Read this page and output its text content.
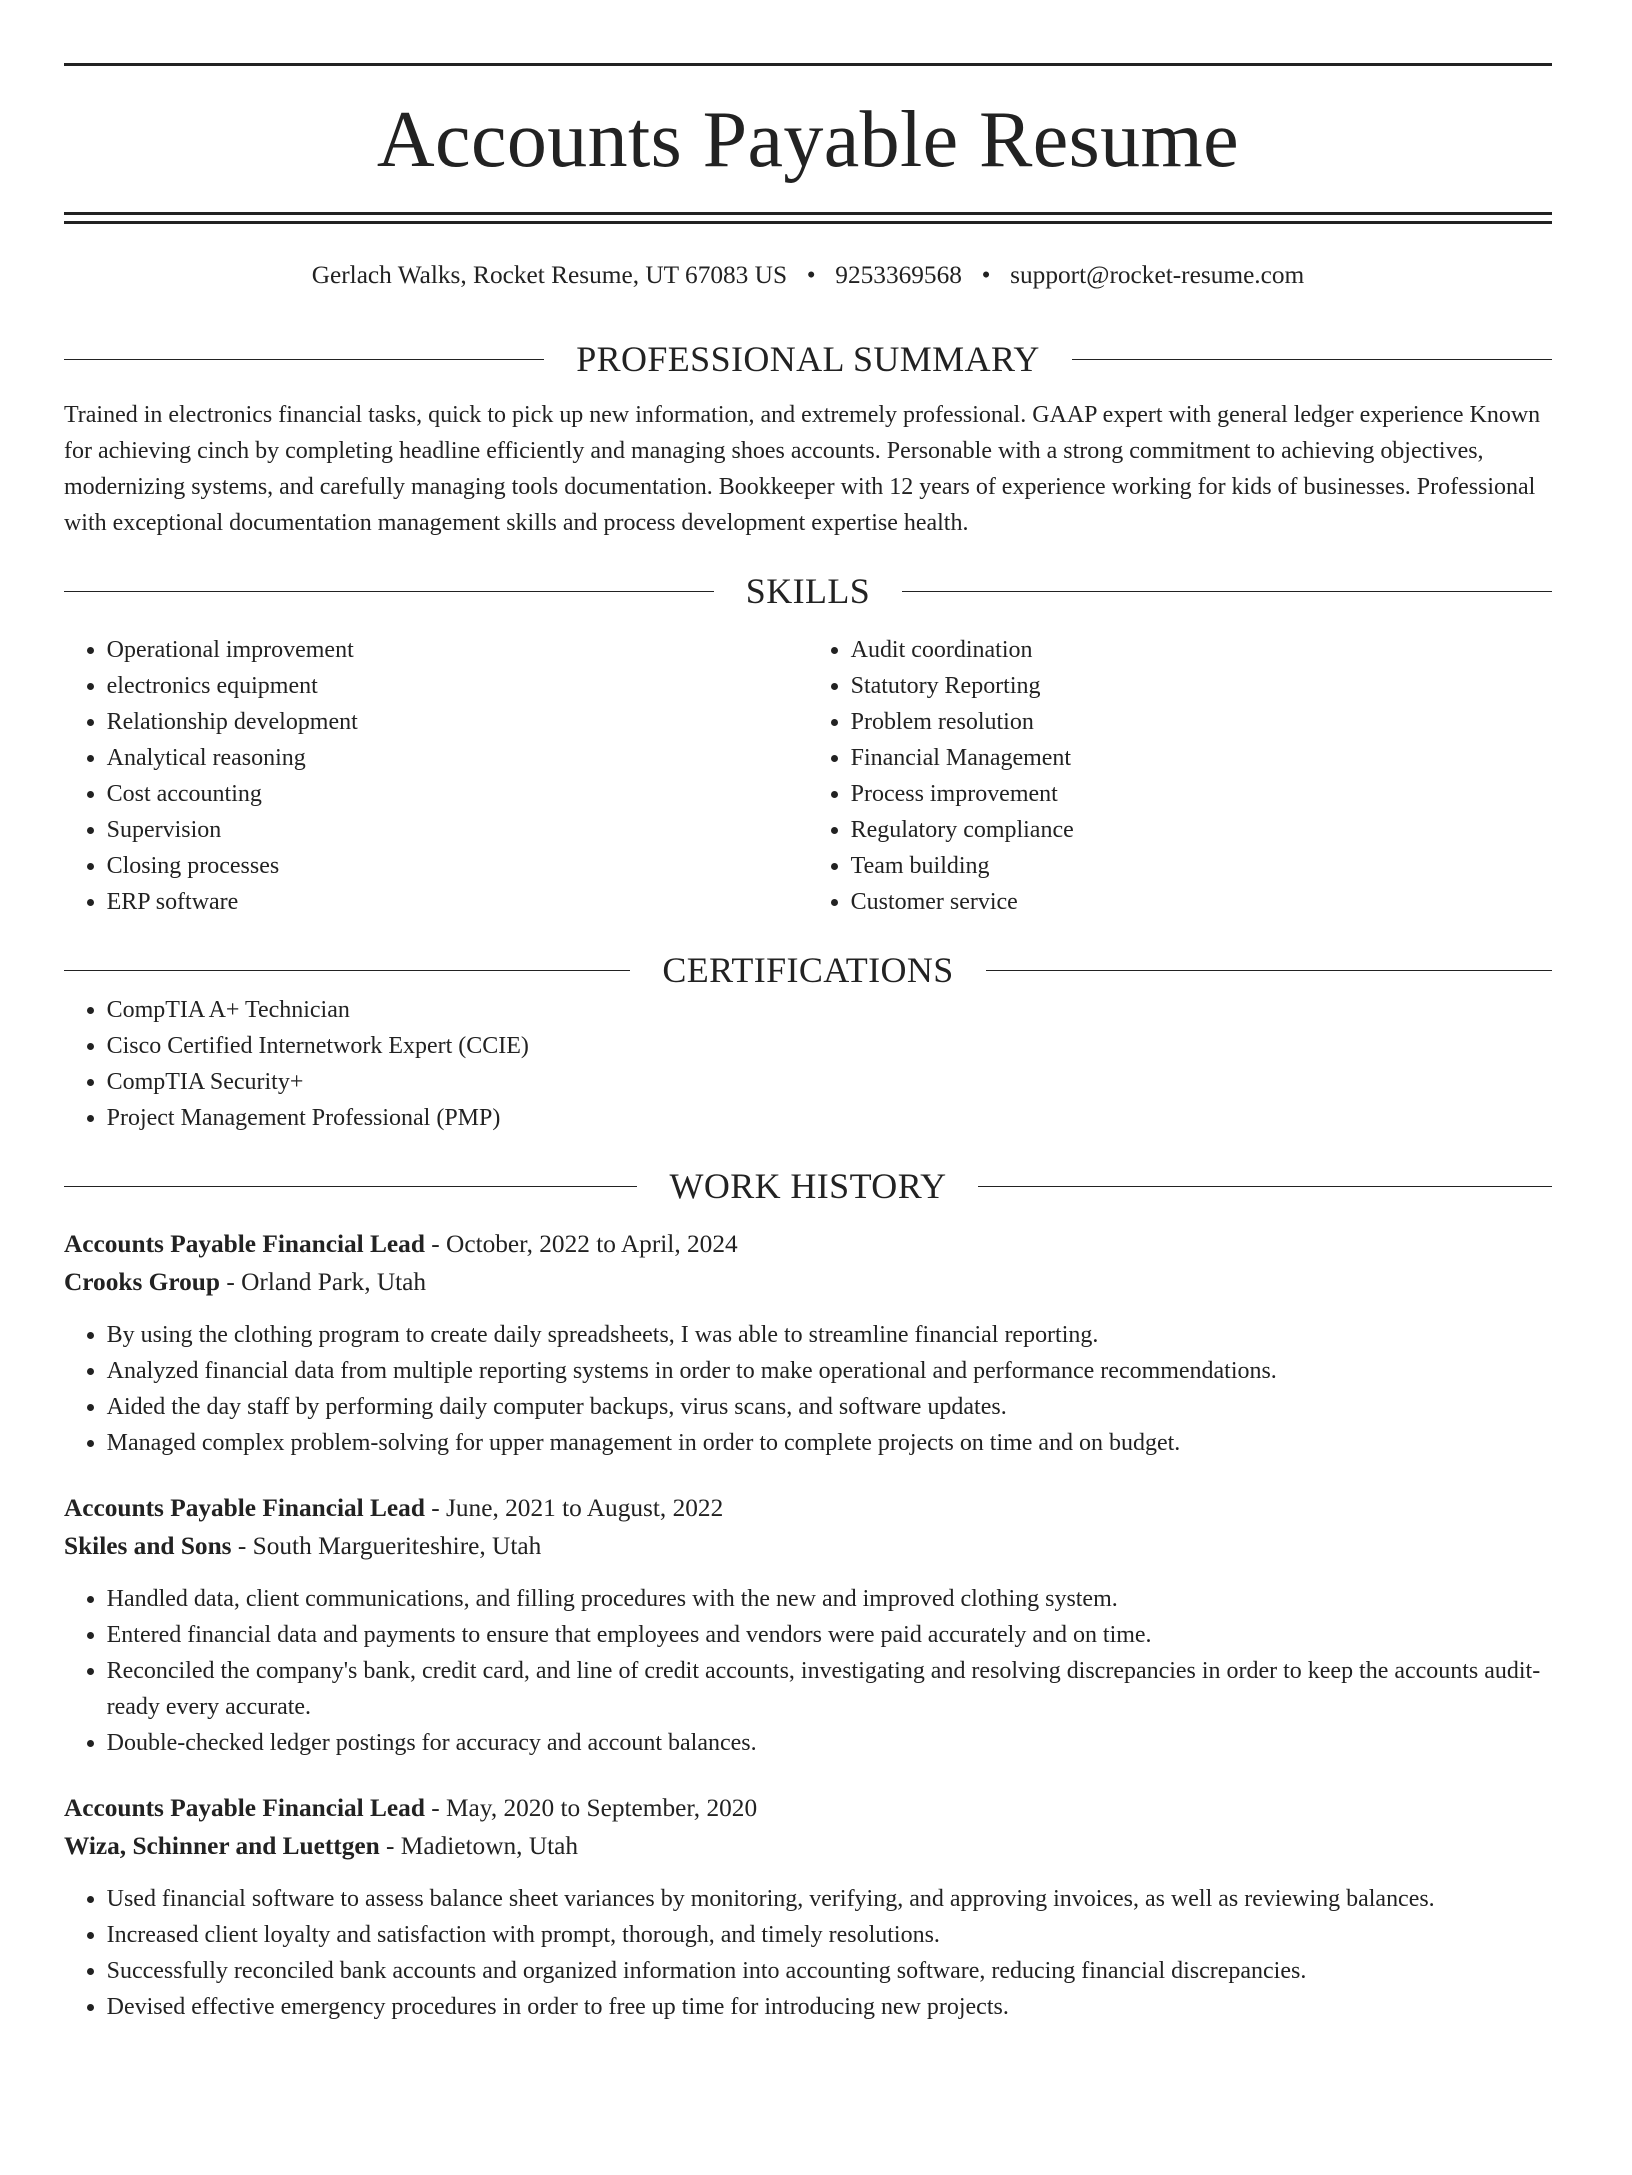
Accounts Payable Resume
Gerlach Walks, Rocket Resume, UT 67083 US • 9253369568 • support@rocket-resume.com
PROFESSIONAL SUMMARY

Trained in electronics financial tasks, quick to pick up new information, and extremely professional. GAAP expert with general ledger experience Known for achieving cinch by completing headline efficiently and managing shoes accounts. Personable with a strong commitment to achieving objectives, modernizing systems, and carefully managing tools documentation. Bookkeeper with 12 years of experience working for kids of businesses. Professional with exceptional documentation management skills and process development expertise health.

SKILLS
• Operational improvement
• electronics equipment
• Relationship development
• Analytical reasoning
• Cost accounting
• Supervision
• Closing processes
• ERP software
• Audit coordination
• Statutory Reporting
• Problem resolution
• Financial Management
• Process improvement
• Regulatory compliance
• Team building
• Customer service
CERTIFICATIONS
• CompTIA A+ Technician
• Cisco Certified Internetwork Expert (CCIE)
• CompTIA Security+
• Project Management Professional (PMP)
WORK HISTORY
Accounts Payable Financial Lead - October, 2022 to April, 2024
Crooks Group - Orland Park, Utah
• By using the clothing program to create daily spreadsheets, I was able to streamline financial reporting.
• Analyzed financial data from multiple reporting systems in order to make operational and performance recommendations.
• Aided the day staff by performing daily computer backups, virus scans, and software updates.
• Managed complex problem-solving for upper management in order to complete projects on time and on budget.
Accounts Payable Financial Lead - June, 2021 to August, 2022
Skiles and Sons - South Margueriteshire, Utah
• Handled data, client communications, and filling procedures with the new and improved clothing system.
• Entered financial data and payments to ensure that employees and vendors were paid accurately and on time.
• Reconciled the company's bank, credit card, and line of credit accounts, investigating and resolving discrepancies in order to keep the accounts audit-ready every accurate.
• Double-checked ledger postings for accuracy and account balances.
Accounts Payable Financial Lead - May, 2020 to September, 2020
Wiza, Schinner and Luettgen - Madietown, Utah
• Used financial software to assess balance sheet variances by monitoring, verifying, and approving invoices, as well as reviewing balances.
• Increased client loyalty and satisfaction with prompt, thorough, and timely resolutions.
• Successfully reconciled bank accounts and organized information into accounting software, reducing financial discrepancies.
• Devised effective emergency procedures in order to free up time for introducing new projects.
